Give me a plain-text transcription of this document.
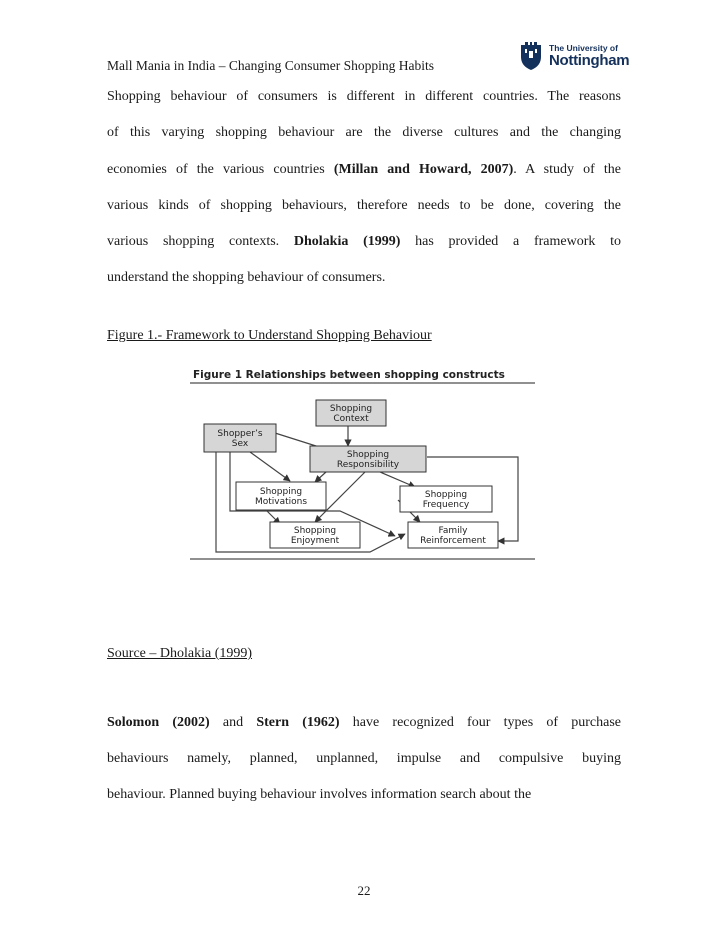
Mall Mania in India – Changing Consumer Shopping Habits
The University of
Nottingham
Shopping behaviour of consumers is different in different countries. The reasons
of this varying shopping behaviour are the diverse cultures and the changing
economies of the various countries (Millan and Howard, 2007). A study of the
various kinds of shopping behaviours, therefore needs to be done, covering the
various shopping contexts. Dholakia (1999) has provided a framework to
understand the shopping behaviour of consumers.
Figure 1.- Framework to Understand Shopping Behaviour
Figure 1 Relationships between shopping constructs
Shopping
Context
Shopper’s
Sex
Shopping
Responsibility
Shopping
Motivations
Shopping
Frequency
Shopping
Enjoyment
Family
Reinforcement
Source – Dholakia (1999)
Solomon (2002) and Stern (1962) have recognized four types of purchase
behaviours namely, planned, unplanned, impulse and compulsive buying
behaviour. Planned buying behaviour involves information search about the
22
